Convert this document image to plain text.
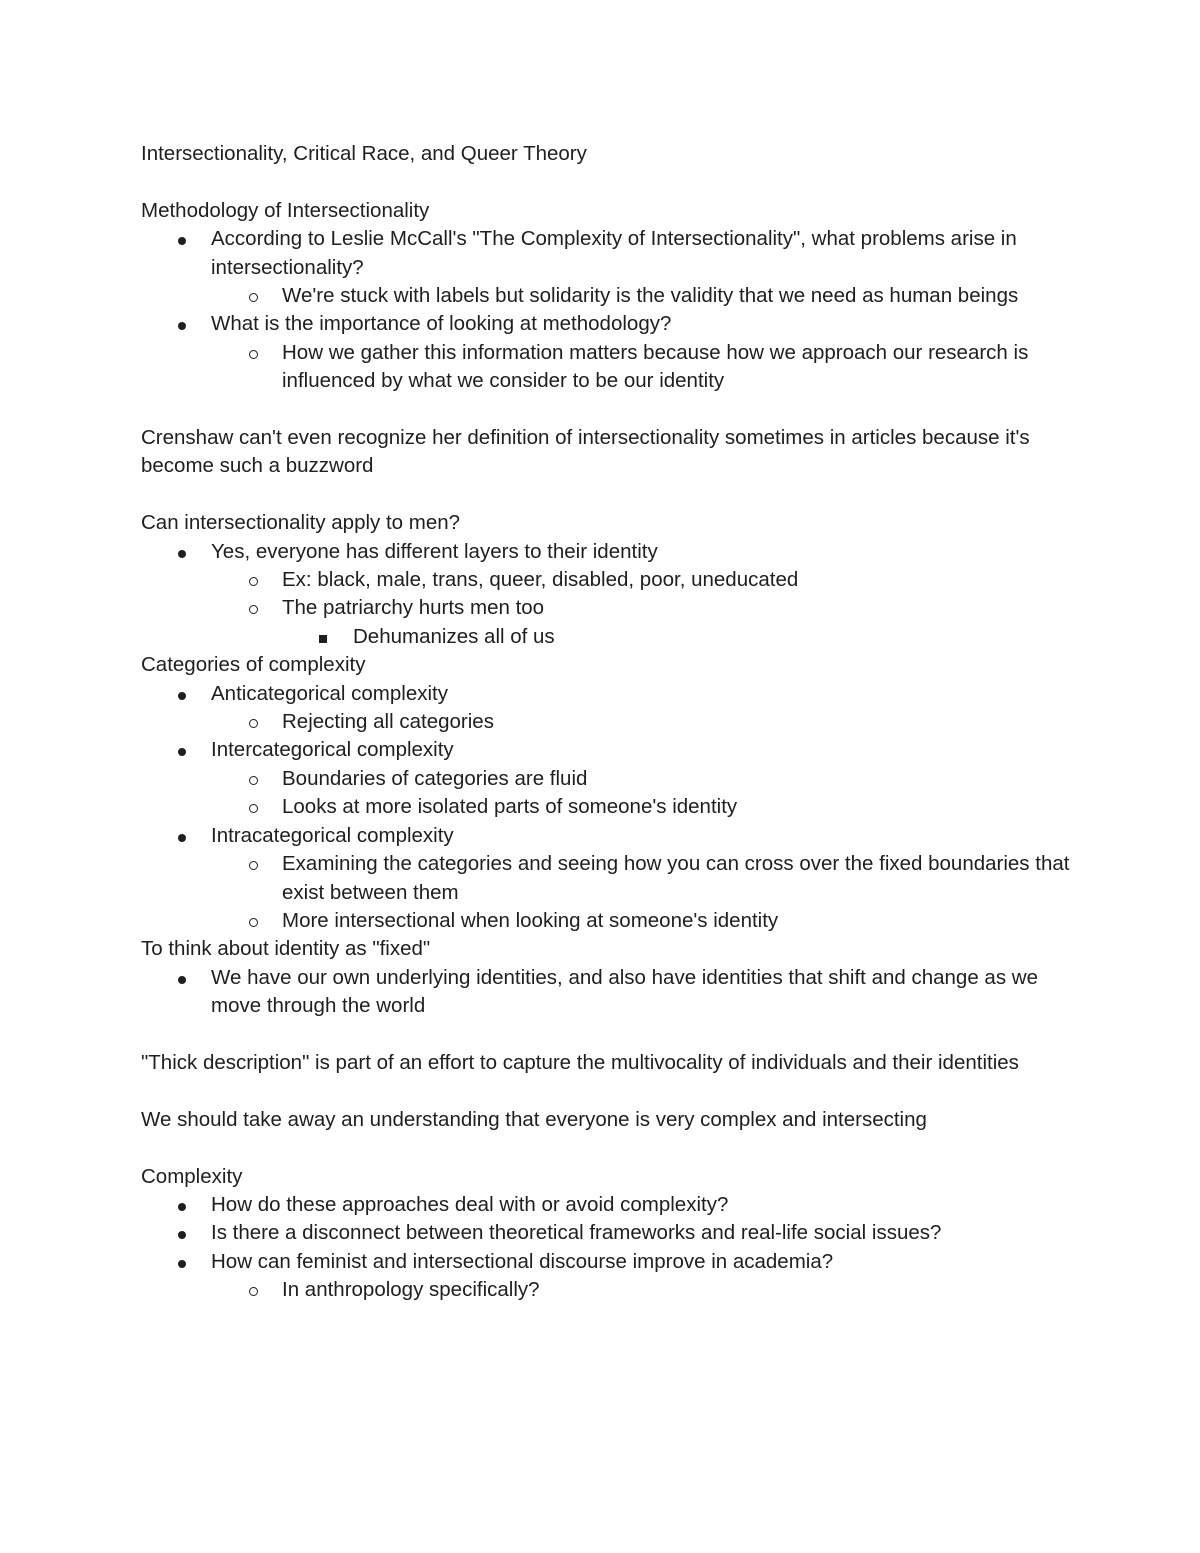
Intersectionality, Critical Race, and Queer Theory

Methodology of Intersectionality

According to Leslie McCall's "The Complexity of Intersectionality", what problems arise in intersectionality?
We're stuck with labels but solidarity is the validity that we need as human beings
What is the importance of looking at methodology?
How we gather this information matters because how we approach our research is influenced by what we consider to be our identity

Crenshaw can't even recognize her definition of intersectionality sometimes in articles because it's become such a buzzword

Can intersectionality apply to men?

Yes, everyone has different layers to their identity
Ex: black, male, trans, queer, disabled, poor, uneducated
The patriarchy hurts men too
Dehumanizes all of us

Categories of complexity

Anticategorical complexity
Rejecting all categories
Intercategorical complexity
Boundaries of categories are fluid
Looks at more isolated parts of someone's identity
Intracategorical complexity
Examining the categories and seeing how you can cross over the fixed boundaries that exist between them
More intersectional when looking at someone's identity

To think about identity as "fixed"

We have our own underlying identities, and also have identities that shift and change as we move through the world

"Thick description" is part of an effort to capture the multivocality of individuals and their identities

We should take away an understanding that everyone is very complex and intersecting

Complexity

How do these approaches deal with or avoid complexity?
Is there a disconnect between theoretical frameworks and real-life social issues?
How can feminist and intersectional discourse improve in academia?
In anthropology specifically?
